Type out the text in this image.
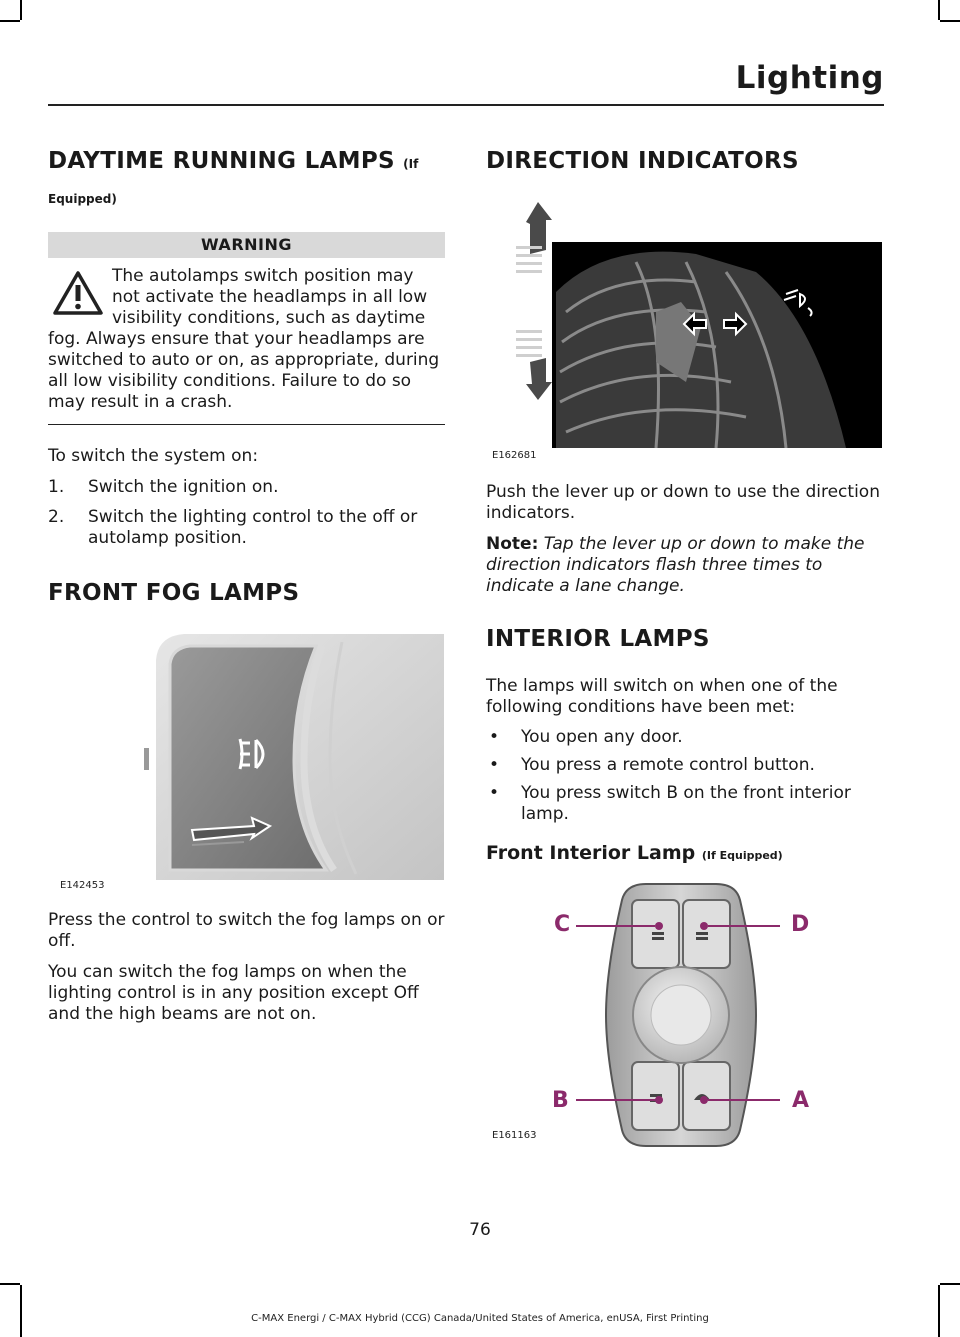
Lighting
DAYTIME RUNNING LAMPS (If
Equipped)
WARNING
The autolamps switch position may
not activate the headlamps in all low
visibility conditions, such as daytime
fog. Always ensure that your headlamps are switched to auto or on, as appropriate, during all low visibility conditions. Failure to do so may result in a crash.

To switch the system on:

1. Switch the ignition on.
2. Switch the lighting control to the off or autolamp position.
FRONT FOG LAMPS
E142453

Press the control to switch the fog lamps on or off.

You can switch the fog lamps on when the lighting control is in any position except Off and the high beams are not on.

DIRECTION INDICATORS
E162681

Push the lever up or down to use the direction indicators.

Note: Tap the lever up or down to make the direction indicators flash three times to indicate a lane change.

INTERIOR LAMPS

The lamps will switch on when one of the following conditions have been met:

• You open any door.
• You press a remote control button.
• You press switch B on the front interior lamp.
Front Interior Lamp (If Equipped)
C	D
B	A
E161163
76
C-MAX Energi / C-MAX Hybrid (CCG) Canada/United States of America, enUSA, First Printing
